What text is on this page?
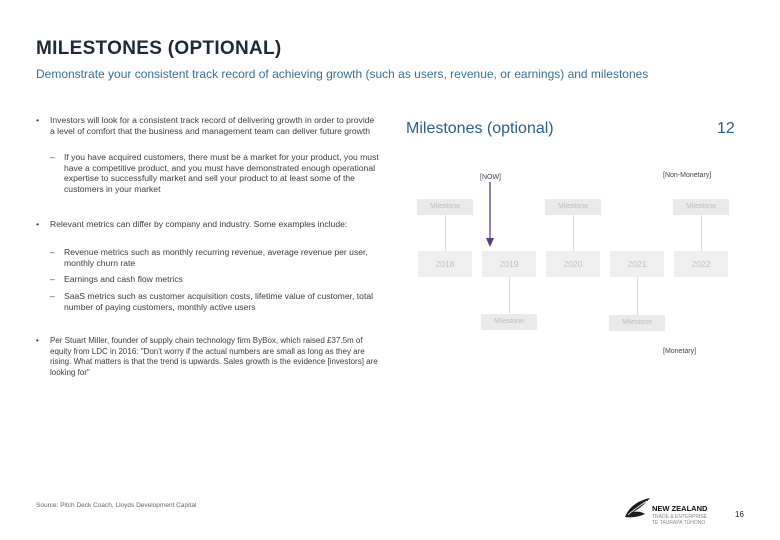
MILESTONES (OPTIONAL)
Demonstrate your consistent track record of achieving growth (such as users, revenue, or earnings) and milestones
• Investors will look for a consistent track record of delivering growth in order to provide a level of comfort that the business and management team can deliver future growth
– If you have acquired customers, there must be a market for your product, you must have a competitive product, and you must have demonstrated enough operational expertise to successfully market and sell your product to at least some of the customers in your market
• Relevant metrics can differ by company and industry. Some examples include:
– Revenue metrics such as monthly recurring revenue, average revenue per user, monthly churn rate
– Earnings and cash flow metrics
– SaaS metrics such as customer acquisition costs, lifetime value of customer, total number of paying customers, monthly active users
• Per Stuart Miller, founder of supply chain technology firm ByBox, which raised £37.5m of equity from LDC in 2016: "Don't worry if the actual numbers are small as long as they are rising. What matters is that the trend is upwards. Sales growth is the evidence [investors] are looking for"
Source: Pitch Deck Coach, Lloyds Development Capital
Milestones (optional)	12
[NOW]	[Non-Monetary]
[Monetary]
Milestone	Milestone	Milestone
2018	2019	2020	2021	2022
Milestone	Milestone
NEW ZEALAND
TRADE & ENTERPRISE
TE TAURAPA TŪHONO
16
